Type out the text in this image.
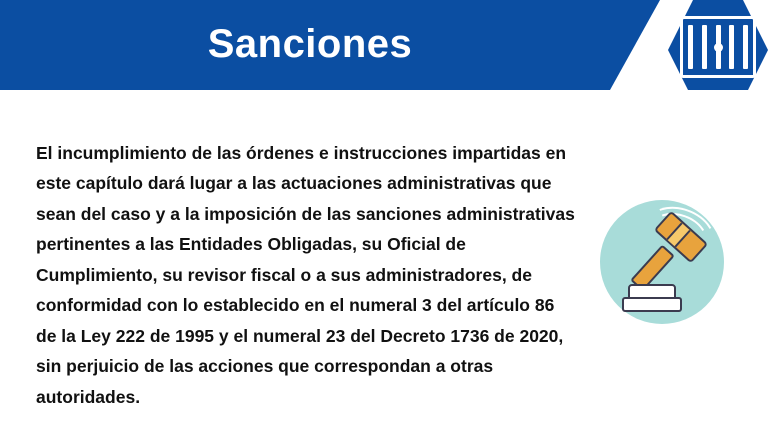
Sanciones

El incumplimiento de las órdenes e instrucciones impartidas en este capítulo dará lugar a las actuaciones administrativas que sean del caso y a la imposición de las sanciones administrativas pertinentes a las Entidades Obligadas, su Oficial de Cumplimiento, su revisor fiscal o a sus administradores, de conformidad con lo establecido en el numeral 3 del artículo 86 de la Ley 222 de 1995 y el numeral 23 del Decreto 1736 de 2020, sin perjuicio de las acciones que correspondan a otras autoridades.
